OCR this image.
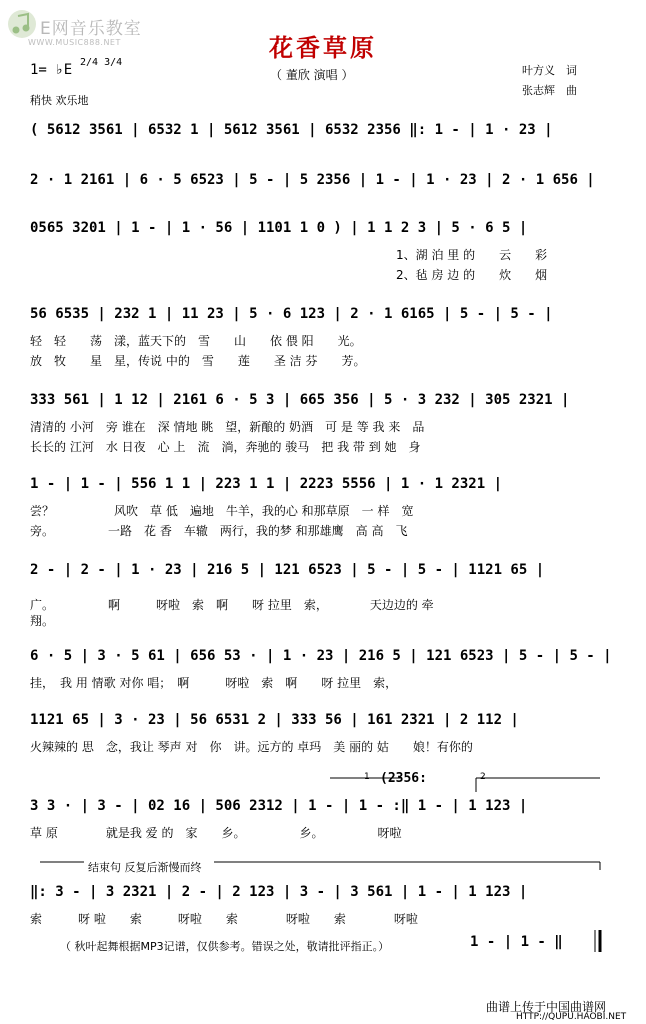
E网音乐教室
WWW.MUSIC888.NET	花香草原
1= ♭E 2/4 3/4
（ 董欣 演唱 ）	叶方义　词
张志辉　曲
稍快 欢乐地
( 5612 3561 | 6532 1 | 5612 3561 | 6532 2356 ‖: 1 - | 1 · 23 |
2 · 1 2161 | 6 · 5 6523 | 5 - | 5 2356 | 1 - | 1 · 23 | 2 · 1 656 |
0565 3201 | 1 - | 1 · 56 | 1101 1 0 ) | 1 1 2 3 | 5 · 6 5 |
1、湖 泊 里 的　　云　　彩
2、毡 房 边 的　　炊　　烟
56 6535 | 232 1 | 11 23 | 5 · 6 123 | 2 · 1 6165 | 5 - | 5 - |
轻　轻　　荡　漾，蓝天下的　雪　　山　　依 偎 阳　　光。
放　牧　　星　星，传说 中的　雪　　莲　　圣 洁 芬　　芳。
333 561 | 1 12 | 2161 6 · 5 3 | 665 356 | 5 · 3 232 | 305 2321 |
清清的 小河　旁 谁在　深 情地 眺　望，新酿的 奶酒　可 是 等 我 来　品
长长的 江河　水 日夜　心 上　流　淌，奔驰的 骏马　把 我 带 到 她　身
1 - | 1 - | 556 1 1 | 223 1 1 | 2223 5556 | 1 · 1 2321 |
尝？　　　　　风吹　草 低　遍地　牛羊，我的心 和那草原　一 样　宽
旁。　　　　　一路　花 香　车辙　两行，我的梦 和那雄鹰　高 高　飞
2 - | 2 - | 1 · 23 | 216 5 | 121 6523 | 5 - | 5 - | 1121 65 |
广。　　　　　啊　　　呀啦　索　啊　　呀 拉里　索，　　　　天边边的 牵
翔。
6 · 5 | 3 · 5 61 | 656 53 · | 1 · 23 | 216 5 | 121 6523 | 5 - | 5 - |
挂，　我 用 情歌 对你 唱；　啊　　　呀啦　索　啊　　呀 拉里　索，
1121 65 | 3 · 23 | 56 6531 2 | 333 56 | 161 2321 | 2 112 |
火辣辣的 思　念，我让 琴声 对　你　讲。远方的 卓玛　美 丽的 姑　　娘！有你的
1 (2356:	2
3 3 · | 3 - | 02 16 | 506 2312 | 1 - | 1 - :‖ 1 - | 1 123 |
草 原　　　　就是我 爱 的　家　　乡。　　　　　乡。　　　　　呀啦
结束句 反复后渐慢而终
‖: 3 - | 3 2321 | 2 - | 2 123 | 3 - | 3 561 | 1 - | 1 123 |
索　　　呀 啦　　索　　　呀啦　　索　　　　呀啦　　索　　　　呀啦
（ 秋叶起舞根据MP3记谱，仅供参考。错误之处，敬请批评指正。）	1 - | 1 - ‖
曲谱上传于中国曲谱网
HTTP://QUPU.HAOBI.NET
